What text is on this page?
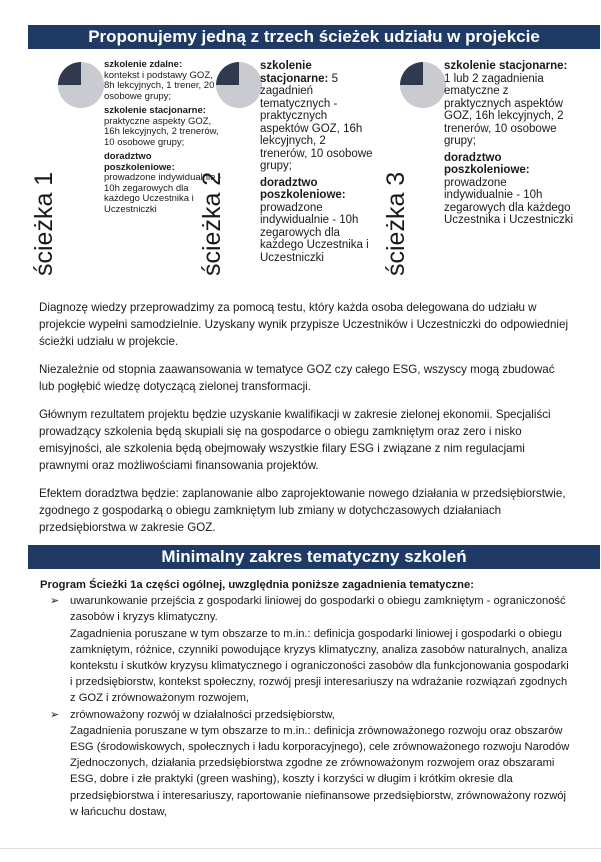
Proponujemy jedną z trzech ścieżek udziału w projekcie
ścieżka 1
szkolenie zdalne:
kontekst i podstawy GOZ, 8h lekcyjnych, 1 trener, 20 osobowe grupy;
szkolenie stacjonarne:
praktyczne aspekty GOZ, 16h lekcyjnych, 2 trenerów, 10 osobowe grupy;
doradztwo poszkoleniowe:
prowadzone indywidualnie - 10h zegarowych dla każdego Uczestnika i Uczestniczki	ścieżka 2
szkolenie stacjonarne: 5 zagadnień tematycznych - praktycznych aspektów GOZ, 16h lekcyjnych, 2 trenerów, 10 osobowe grupy;
doradztwo poszkoleniowe:
prowadzone indywidualnie - 10h zegarowych dla każdego Uczestnika i Uczestniczki	ścieżka 3
szkolenie stacjonarne: 1 lub 2 zagadnienia ematyczne z praktycznych aspektów GOZ, 16h lekcyjnych, 2 trenerów, 10 osobowe grupy;
doradztwo poszkoleniowe:
prowadzone indywidualnie - 10h zegarowych dla każdego Uczestnika i Uczestniczki

Diagnozę wiedzy przeprowadzimy za pomocą testu, który każda osoba delegowana do udziału w projekcie wypełni samodzielnie. Uzyskany wynik przypisze Uczestników i Uczestniczki do odpowiedniej ścieżki udziału w projekcie.

Niezależnie od stopnia zaawansowania w tematyce GOZ czy całego ESG, wszyscy mogą zbudować lub pogłębić wiedzę dotyczącą zielonej transformacji.

Głównym rezultatem projektu będzie uzyskanie kwalifikacji w zakresie zielonej ekonomii. Specjaliści prowadzący szkolenia będą skupiali się na gospodarce o obiegu zamkniętym oraz zero i nisko emisyjności, ale szkolenia będą obejmowały wszystkie filary ESG i związane z nim regulacjami prawnymi oraz możliwościami finansowania projektów.

Efektem doradztwa będzie: zaplanowanie albo zaprojektowanie nowego działania w przedsiębiorstwie, zgodnego z gospodarką o obiegu zamkniętym lub zmiany w dotychczasowych działaniach przedsiębiorstwa w zakresie GOZ.

Minimalny zakres tematyczny szkoleń
Program Ścieżki 1a części ogólnej, uwzględnia poniższe zagadnienia tematyczne:
➢ uwarunkowanie przejścia z gospodarki liniowej do gospodarki o obiegu zamkniętym - ograniczoność zasobów i kryzys klimatyczny.
Zagadnienia poruszane w tym obszarze to m.in.: definicja gospodarki liniowej i gospodarki o obiegu zamkniętym, różnice, czynniki powodujące kryzys klimatyczny, analiza zasobów naturalnych, analiza kontekstu i skutków kryzysu klimatycznego i ograniczoności zasobów dla funkcjonowania gospodarki i przedsiębiorstw, kontekst społeczny, rozwój presji interesariuszy na wdrażanie rozwiązań zgodnych z GOZ i zrównoważonym rozwojem,
➢ zrównoważony rozwój w działalności przedsiębiorstw,
Zagadnienia poruszane w tym obszarze to m.in.: definicja zrównoważonego rozwoju oraz obszarów ESG (środowiskowych, społecznych i ładu korporacyjnego), cele zrównoważonego rozwoju Narodów Zjednoczonych, działania przedsiębiorstwa zgodne ze zrównoważonym rozwojem oraz obszarami ESG, dobre i złe praktyki (green washing), koszty i korzyści w długim i krótkim okresie dla przedsiębiorstwa i interesariuszy, raportowanie niefinansowe przedsiębiorstw, zrównoważony rozwój w łańcuchu dostaw,
